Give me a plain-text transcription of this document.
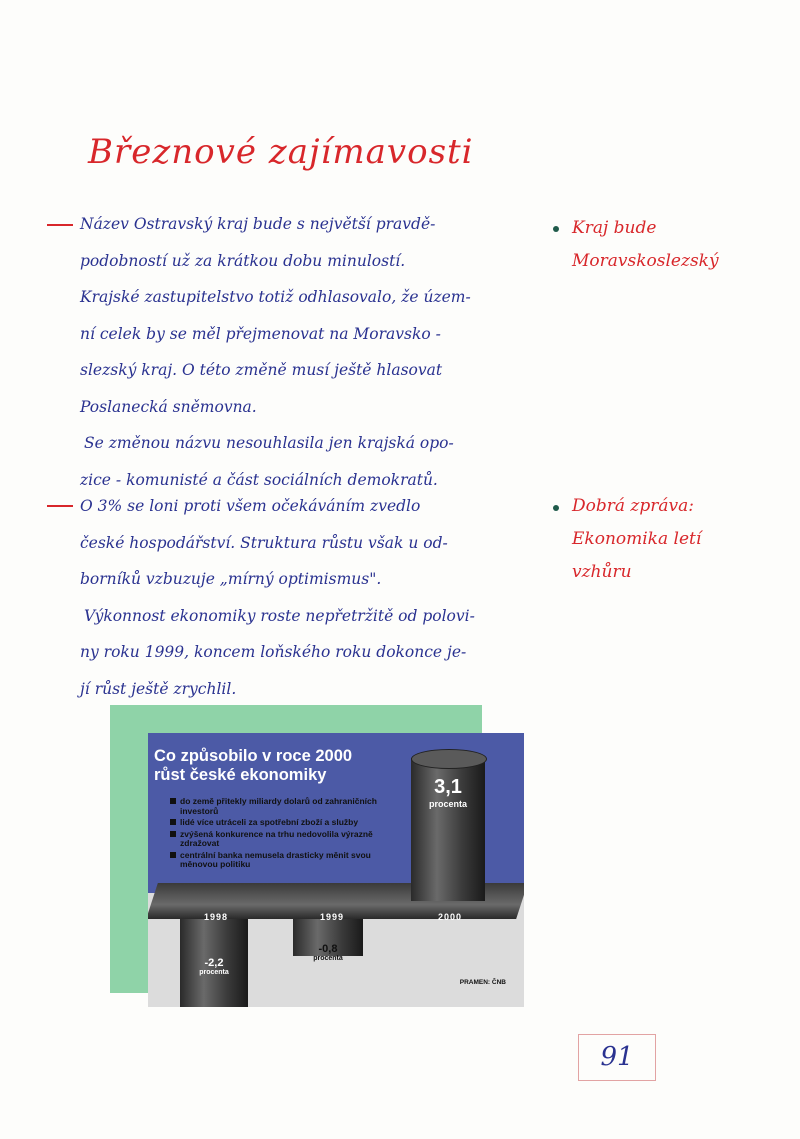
Březnové zajímavosti
Název Ostravský kraj bude s největší pravdě-
podobností už za krátkou dobu minulostí.
Krajské zastupitelstvo totiž odhlasovalo, že územ-
ní celek by se měl přejmenovat na Moravsko -
slezský kraj. O této změně musí ještě hlasovat
Poslanecká sněmovna.
Se změnou názvu nesouhlasila jen krajská opo-
zice - komunisté a část sociálních demokratů.
Kraj bude
Moravskoslezský
O 3% se loni proti všem očekáváním zvedlo
české hospodářství. Struktura růstu však u od-
borníků vzbuzuje „mírný optimismus".
Výkonnost ekonomiky roste nepřetržitě od polovi-
ny roku 1999, koncem loňského roku dokonce je-
jí růst ještě zrychlil.
Dobrá zpráva:
Ekonomika letí
vzhůru
Co způsobilo v roce 2000
růst české ekonomiky
do země přitekly miliardy dolarů od zahraničních investorů
lidé více utráceli za spotřební zboží a služby
zvýšená konkurence na trhu nedovolila výrazně zdražovat
centrální banka nemusela drasticky měnit svou měnovou politiku
-2,2
procenta
-0,8
procenta
3,1
procenta
1998	1999	2000
PRAMEN: ČNB
91
